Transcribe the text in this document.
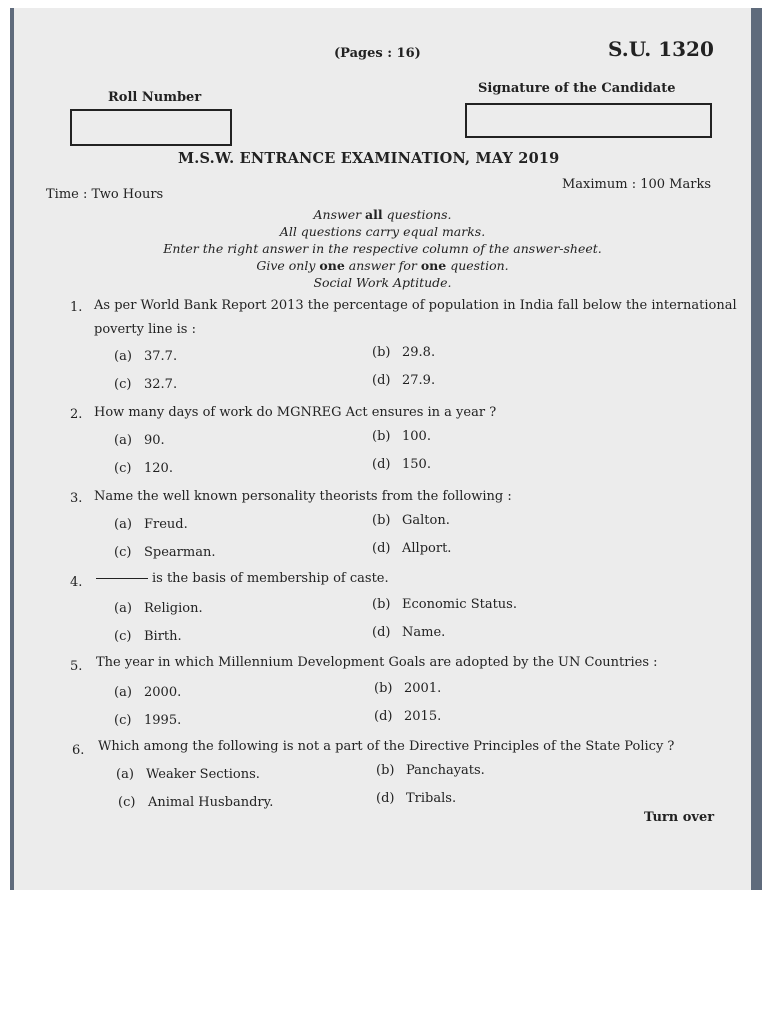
(Pages : 16)	S.U. 1320
Roll Number
Signature of the Candidate
M.S.W. ENTRANCE EXAMINATION, MAY 2019
Time : Two Hours
Maximum : 100 Marks
Answer all questions.
All questions carry equal marks.
Enter the right answer in the respective column of the answer-sheet.
Give only one answer for one question.
Social Work Aptitude.
1. As per World Bank Report 2013 the percentage of population in India fall below the international
poverty line is :
(a) 37.7.	(b) 29.8.
(c) 32.7.	(d) 27.9.
2. How many days of work do MGNREG Act ensures in a year ?
(a) 90.	(b) 100.
(c) 120.	(d) 150.
3. Name the well known personality theorists from the following :
(a) Freud.	(b) Galton.
(c) Spearman.	(d) Allport.
4.	is the basis of membership of caste.
(a) Religion.	(b) Economic Status.
(c) Birth.	(d) Name.
5. The year in which Millennium Development Goals are adopted by the UN Countries :
(a) 2000.	(b) 2001.
(c) 1995.	(d) 2015.
6. Which among the following is not a part of the Directive Principles of the State Policy ?
(a) Weaker Sections.	(b) Panchayats.
(c) Animal Husbandry.	(d) Tribals.
Turn over
